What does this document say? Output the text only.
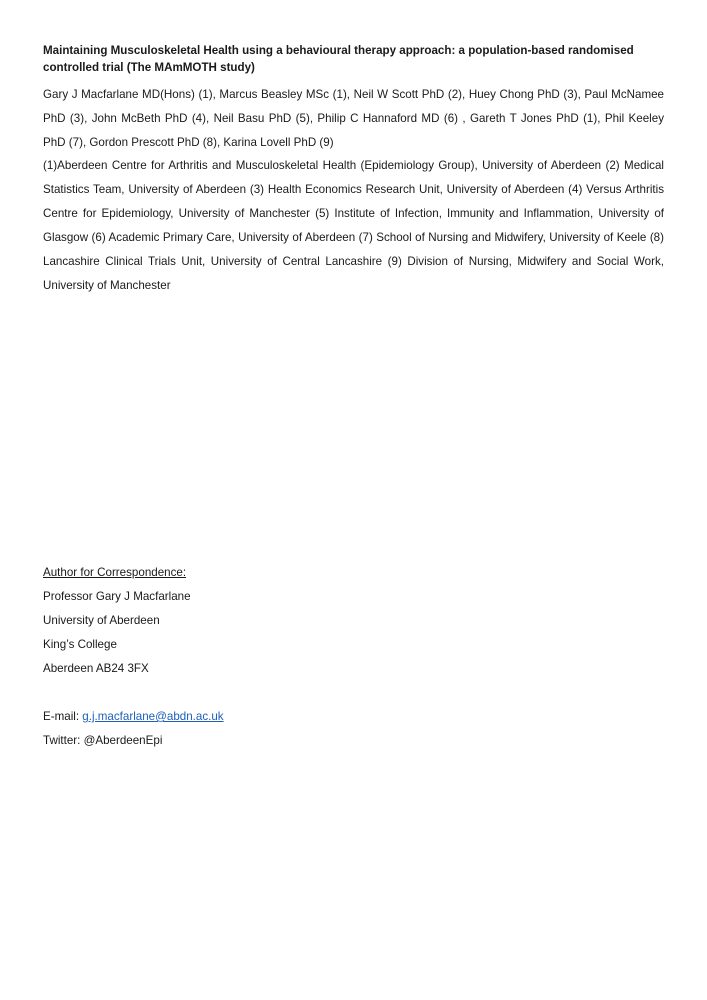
Maintaining Musculoskeletal Health using a behavioural therapy approach: a population-based randomised controlled trial (The MAmMOTH study)

Gary J Macfarlane MD(Hons) (1), Marcus Beasley MSc (1), Neil W Scott PhD (2), Huey Chong PhD (3), Paul McNamee PhD (3), John McBeth PhD (4), Neil Basu PhD (5), Philip C Hannaford MD (6) , Gareth T Jones PhD (1), Phil Keeley PhD (7), Gordon Prescott PhD (8), Karina Lovell PhD (9)

(1)Aberdeen Centre for Arthritis and Musculoskeletal Health (Epidemiology Group), University of Aberdeen (2) Medical Statistics Team, University of Aberdeen (3) Health Economics Research Unit, University of Aberdeen (4) Versus Arthritis Centre for Epidemiology, University of Manchester (5) Institute of Infection, Immunity and Inflammation, University of Glasgow (6) Academic Primary Care, University of Aberdeen (7) School of Nursing and Midwifery, University of Keele (8) Lancashire Clinical Trials Unit, University of Central Lancashire (9) Division of Nursing, Midwifery and Social Work, University of Manchester

Author for Correspondence:
Professor Gary J Macfarlane
University of Aberdeen
King’s College
Aberdeen AB24 3FX
E-mail: g.j.macfarlane@abdn.ac.uk
Twitter: @AberdeenEpi
